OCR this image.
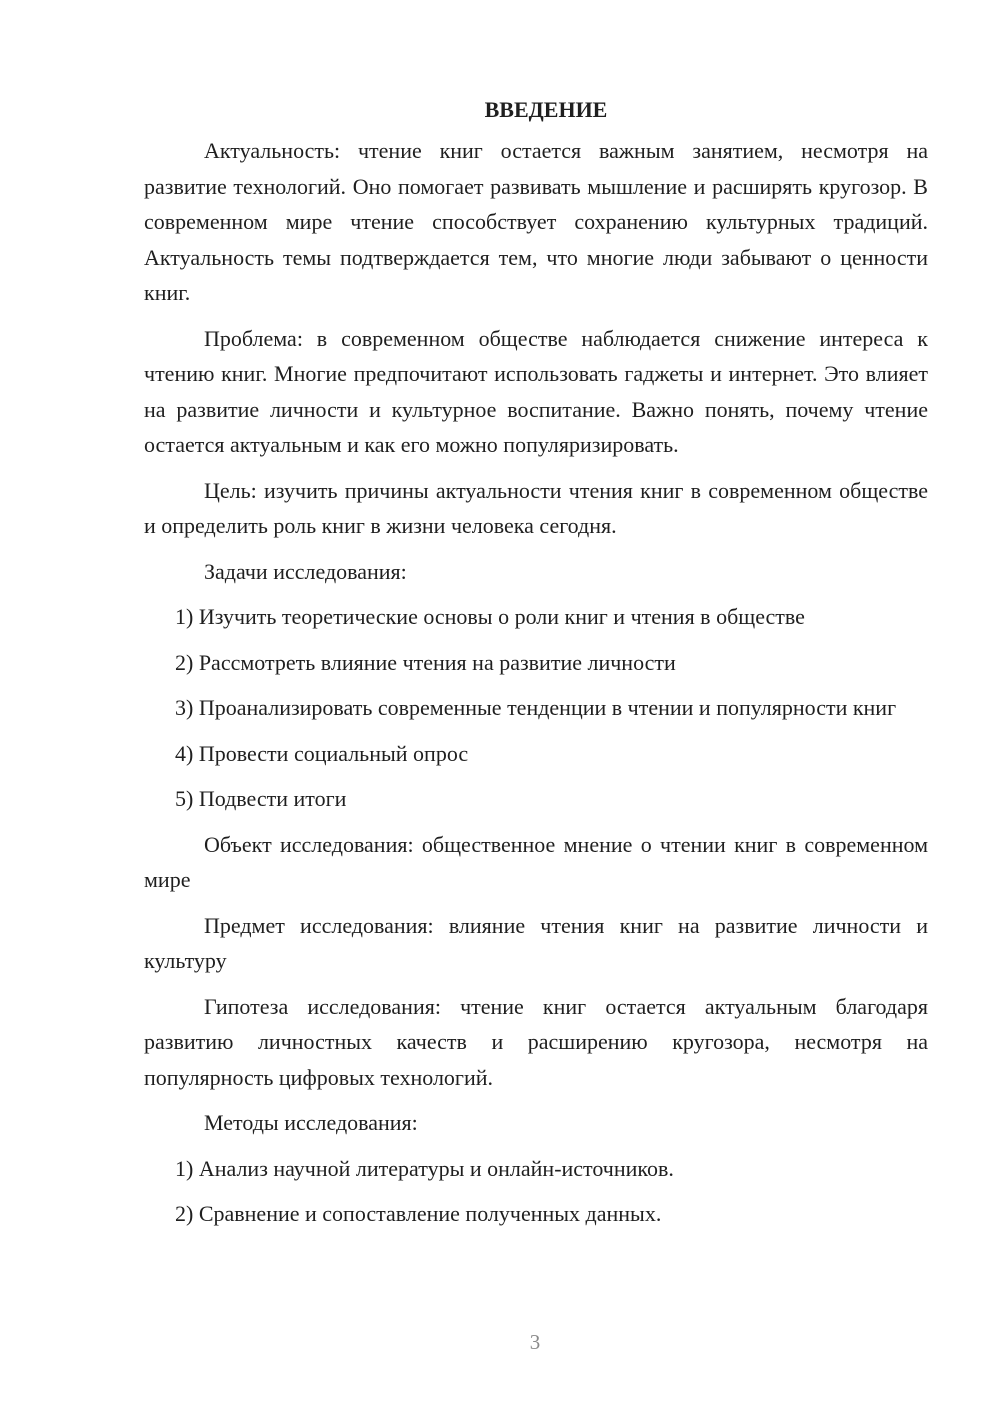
ВВЕДЕНИЕ

Актуальность: чтение книг остается важным занятием, несмотря на развитие технологий. Оно помогает развивать мышление и расширять кругозор. В современном мире чтение способствует сохранению культурных традиций. Актуальность темы подтверждается тем, что многие люди забывают о ценности книг.

Проблема: в современном обществе наблюдается снижение интереса к чтению книг. Многие предпочитают использовать гаджеты и интернет. Это влияет на развитие личности и культурное воспитание. Важно понять, почему чтение остается актуальным и как его можно популяризировать.

Цель: изучить причины актуальности чтения книг в современном обществе и определить роль книг в жизни человека сегодня.

Задачи исследования:

1) Изучить теоретические основы о роли книг и чтения в обществе

2) Рассмотреть влияние чтения на развитие личности

3) Проанализировать современные тенденции в чтении и популярности книг

4) Провести социальный опрос

5) Подвести итоги

Объект исследования: общественное мнение о чтении книг в современном мире

Предмет исследования: влияние чтения книг на развитие личности и культуру

Гипотеза исследования: чтение книг остается актуальным благодаря развитию личностных качеств и расширению кругозора, несмотря на популярность цифровых технологий.

Методы исследования:

1) Анализ научной литературы и онлайн-источников.

2) Сравнение и сопоставление полученных данных.

3
